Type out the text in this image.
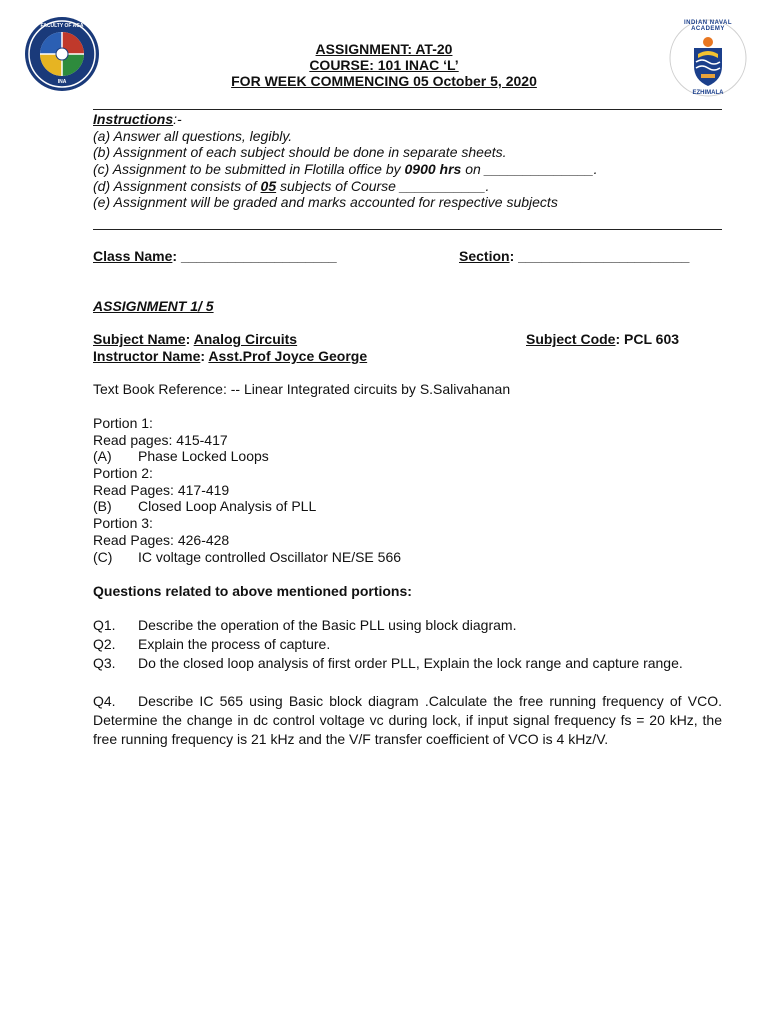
FACULTY OF ACA
INA
INDIAN NAVAL ACADEMY
EZHIMALA
ASSIGNMENT: AT-20
COURSE: 101 INAC ‘L’
FOR WEEK COMMENCING 05 October 5, 2020
Instructions:-
(a) Answer all questions, legibly.
(b) Assignment of each subject should be done in separate sheets.
(c) Assignment to be submitted in Flotilla office by 0900 hrs on ______________.
(d) Assignment consists of 05 subjects of Course ___________.
(e) Assignment will be graded and marks accounted for respective subjects
Class Name: ____________________	Section: ______________________
ASSIGNMENT 1/ 5
Subject Name: Analog Circuits	Subject Code: PCL 603
Instructor Name: Asst.Prof Joyce George
Text Book Reference: -- Linear Integrated circuits by S.Salivahanan
Portion 1:
Read pages: 415-417
(A) Phase Locked Loops
Portion 2:
Read Pages: 417-419
(B) Closed Loop Analysis of PLL
Portion 3:
Read Pages: 426-428
(C) IC voltage controlled Oscillator NE/SE 566
Questions related to above mentioned portions:
Q1. Describe the operation of the Basic PLL using block diagram.
Q2. Explain the process of capture.
Q3. Do the closed loop analysis of first order PLL, Explain the lock range and capture range.
Q4. Describe IC 565 using Basic block diagram .Calculate the free running frequency of VCO. Determine the change in dc control voltage vᴄ during lock, if input signal frequency fs = 20 kHz, the free running frequency is 21 kHz and the V/F transfer coefficient of VCO is 4 kHz/V.
